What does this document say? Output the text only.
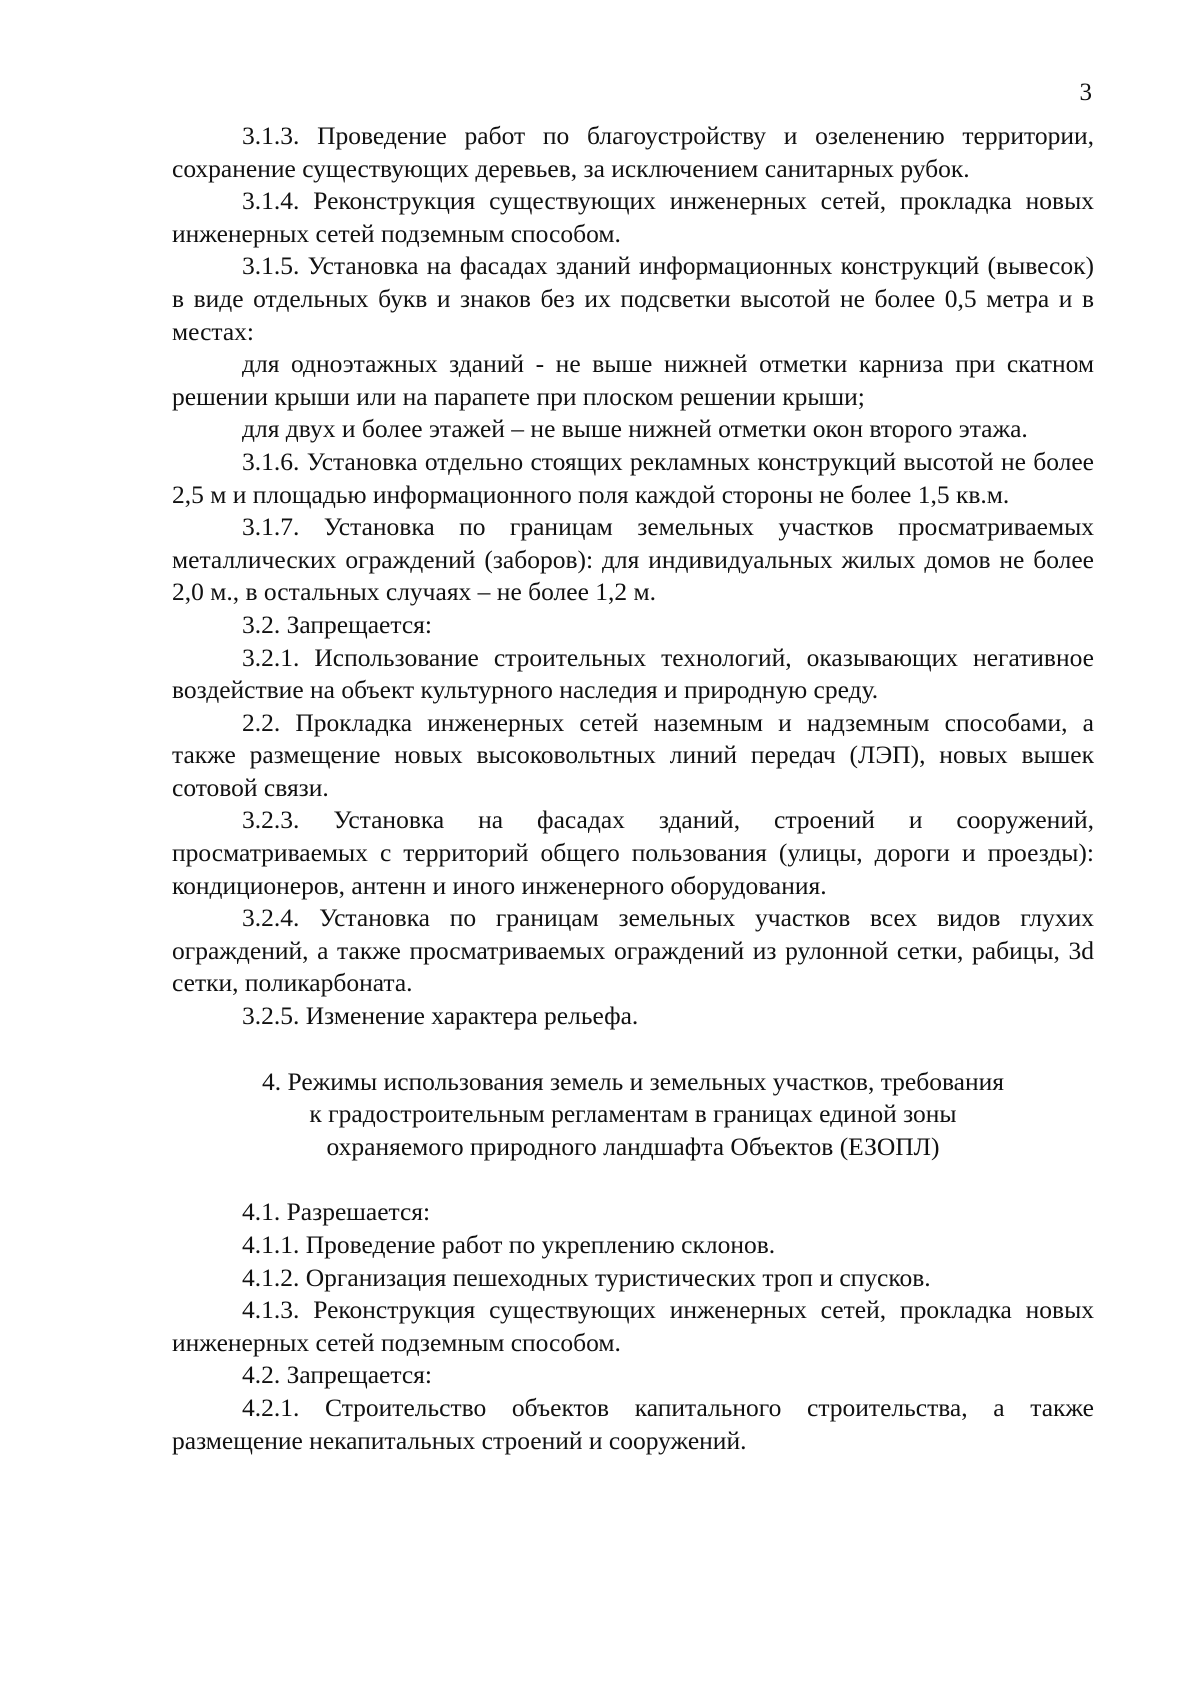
3

3.1.3. Проведение работ по благоустройству и озеленению территории, сохранение существующих деревьев, за исключением санитарных рубок.

3.1.4. Реконструкция существующих инженерных сетей, прокладка новых инженерных сетей подземным способом.

3.1.5. Установка на фасадах зданий информационных конструкций (вывесок) в виде отдельных букв и знаков без их подсветки высотой не более 0,5 метра и в местах:

для одноэтажных зданий - не выше нижней отметки карниза при скатном решении крыши или на парапете при плоском решении крыши;

для двух и более этажей – не выше нижней отметки окон второго этажа.

3.1.6. Установка отдельно стоящих рекламных конструкций высотой не более 2,5 м и площадью информационного поля каждой стороны не более 1,5 кв.м.

3.1.7. Установка по границам земельных участков просматриваемых металлических ограждений (заборов): для индивидуальных жилых домов не более 2,0 м., в остальных случаях – не более 1,2 м.

3.2. Запрещается:

3.2.1. Использование строительных технологий, оказывающих негативное воздействие на объект культурного наследия и природную среду.

2.2. Прокладка инженерных сетей наземным и надземным способами, а также размещение новых высоковольтных линий передач (ЛЭП), новых вышек сотовой связи.

3.2.3. Установка на фасадах зданий, строений и сооружений, просматриваемых с территорий общего пользования (улицы, дороги и проезды): кондиционеров, антенн и иного инженерного оборудования.

3.2.4. Установка по границам земельных участков всех видов глухих ограждений, а также просматриваемых ограждений из рулонной сетки, рабицы, 3d сетки, поликарбоната.

3.2.5. Изменение характера рельефа.

4. Режимы использования земель и земельных участков, требования
к градостроительным регламентам в границах единой зоны
охраняемого природного ландшафта Объектов (ЕЗОПЛ)

4.1. Разрешается:

4.1.1. Проведение работ по укреплению склонов.

4.1.2. Организация пешеходных туристических троп и спусков.

4.1.3. Реконструкция существующих инженерных сетей, прокладка новых инженерных сетей подземным способом.

4.2. Запрещается:

4.2.1. Строительство объектов капитального строительства, а также размещение некапитальных строений и сооружений.
